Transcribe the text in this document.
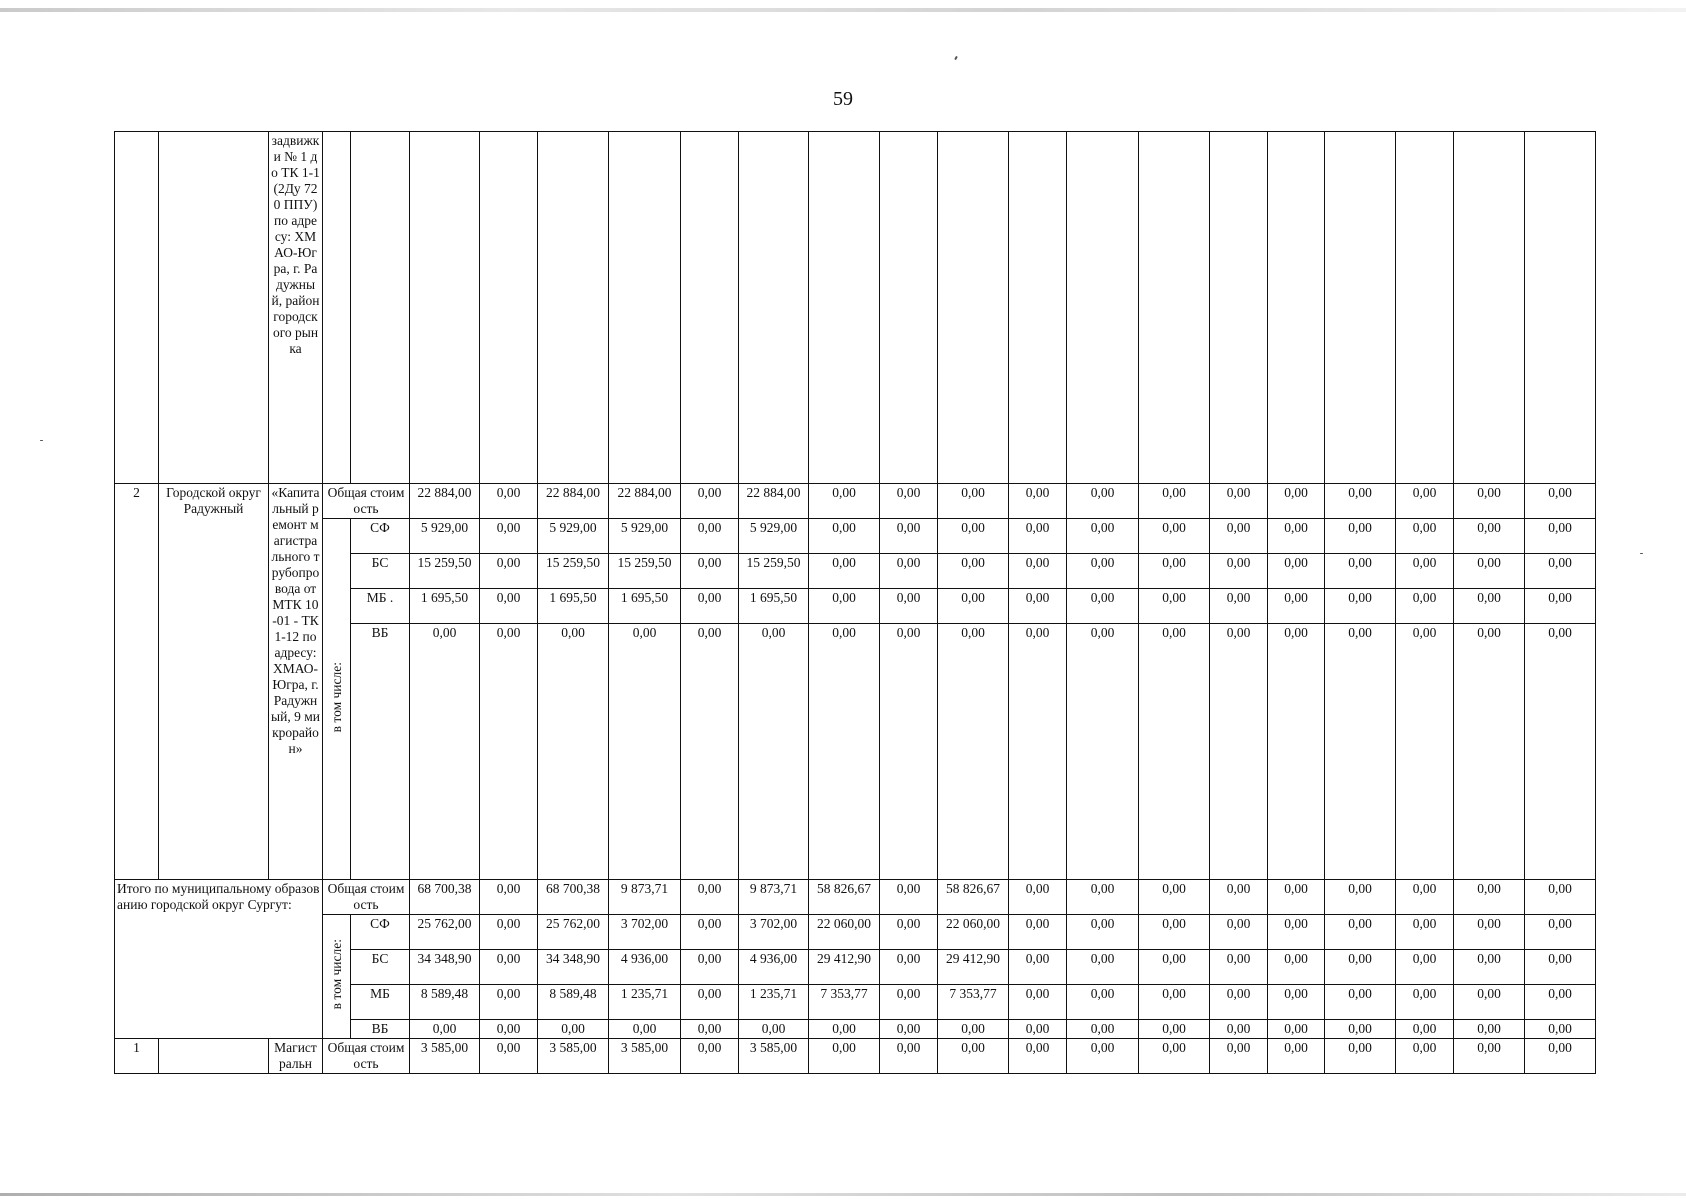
59
		задвижки № 1 до ТК 1-1 (2Ду 720 ППУ) по адресу: ХМАО-Югра, г. Радужный, район городского рынка																				
2	Городской округ Радужный	«Капитальный ремонт магистрального трубопровода от МТК 10-01 - ТК 1-12 по адресу: ХМАО-Югра, г. Радужный, 9 микрорайон»	Общая стоимость		22 884,00	0,00	22 884,00	22 884,00	0,00	22 884,00	0,00	0,00	0,00	0,00	0,00	0,00	0,00	0,00	0,00	0,00	0,00	0,00
			в том числе:	СФ	5 929,00	0,00	5 929,00	5 929,00	0,00	5 929,00	0,00	0,00	0,00	0,00	0,00	0,00	0,00	0,00	0,00	0,00	0,00	0,00
				БС	15 259,50	0,00	15 259,50	15 259,50	0,00	15 259,50	0,00	0,00	0,00	0,00	0,00	0,00	0,00	0,00	0,00	0,00	0,00	0,00
				МБ .	1 695,50	0,00	1 695,50	1 695,50	0,00	1 695,50	0,00	0,00	0,00	0,00	0,00	0,00	0,00	0,00	0,00	0,00	0,00	0,00
				ВБ	0,00	0,00	0,00	0,00	0,00	0,00	0,00	0,00	0,00	0,00	0,00	0,00	0,00	0,00	0,00	0,00	0,00	0,00
Итого по муниципальному образованию городской округ Сургут:			Общая стоимость		68 700,38	0,00	68 700,38	9 873,71	0,00	9 873,71	58 826,67	0,00	58 826,67	0,00	0,00	0,00	0,00	0,00	0,00	0,00	0,00	0,00
			в том числе:	СФ	25 762,00	0,00	25 762,00	3 702,00	0,00	3 702,00	22 060,00	0,00	22 060,00	0,00	0,00	0,00	0,00	0,00	0,00	0,00	0,00	0,00
				БС	34 348,90	0,00	34 348,90	4 936,00	0,00	4 936,00	29 412,90	0,00	29 412,90	0,00	0,00	0,00	0,00	0,00	0,00	0,00	0,00	0,00
				МБ	8 589,48	0,00	8 589,48	1 235,71	0,00	1 235,71	7 353,77	0,00	7 353,77	0,00	0,00	0,00	0,00	0,00	0,00	0,00	0,00	0,00
				ВБ	0,00	0,00	0,00	0,00	0,00	0,00	0,00	0,00	0,00	0,00	0,00	0,00	0,00	0,00	0,00	0,00	0,00	0,00
1		Магистральн	Общая стоимость		3 585,00	0,00	3 585,00	3 585,00	0,00	3 585,00	0,00	0,00	0,00	0,00	0,00	0,00	0,00	0,00	0,00	0,00	0,00	0,00
